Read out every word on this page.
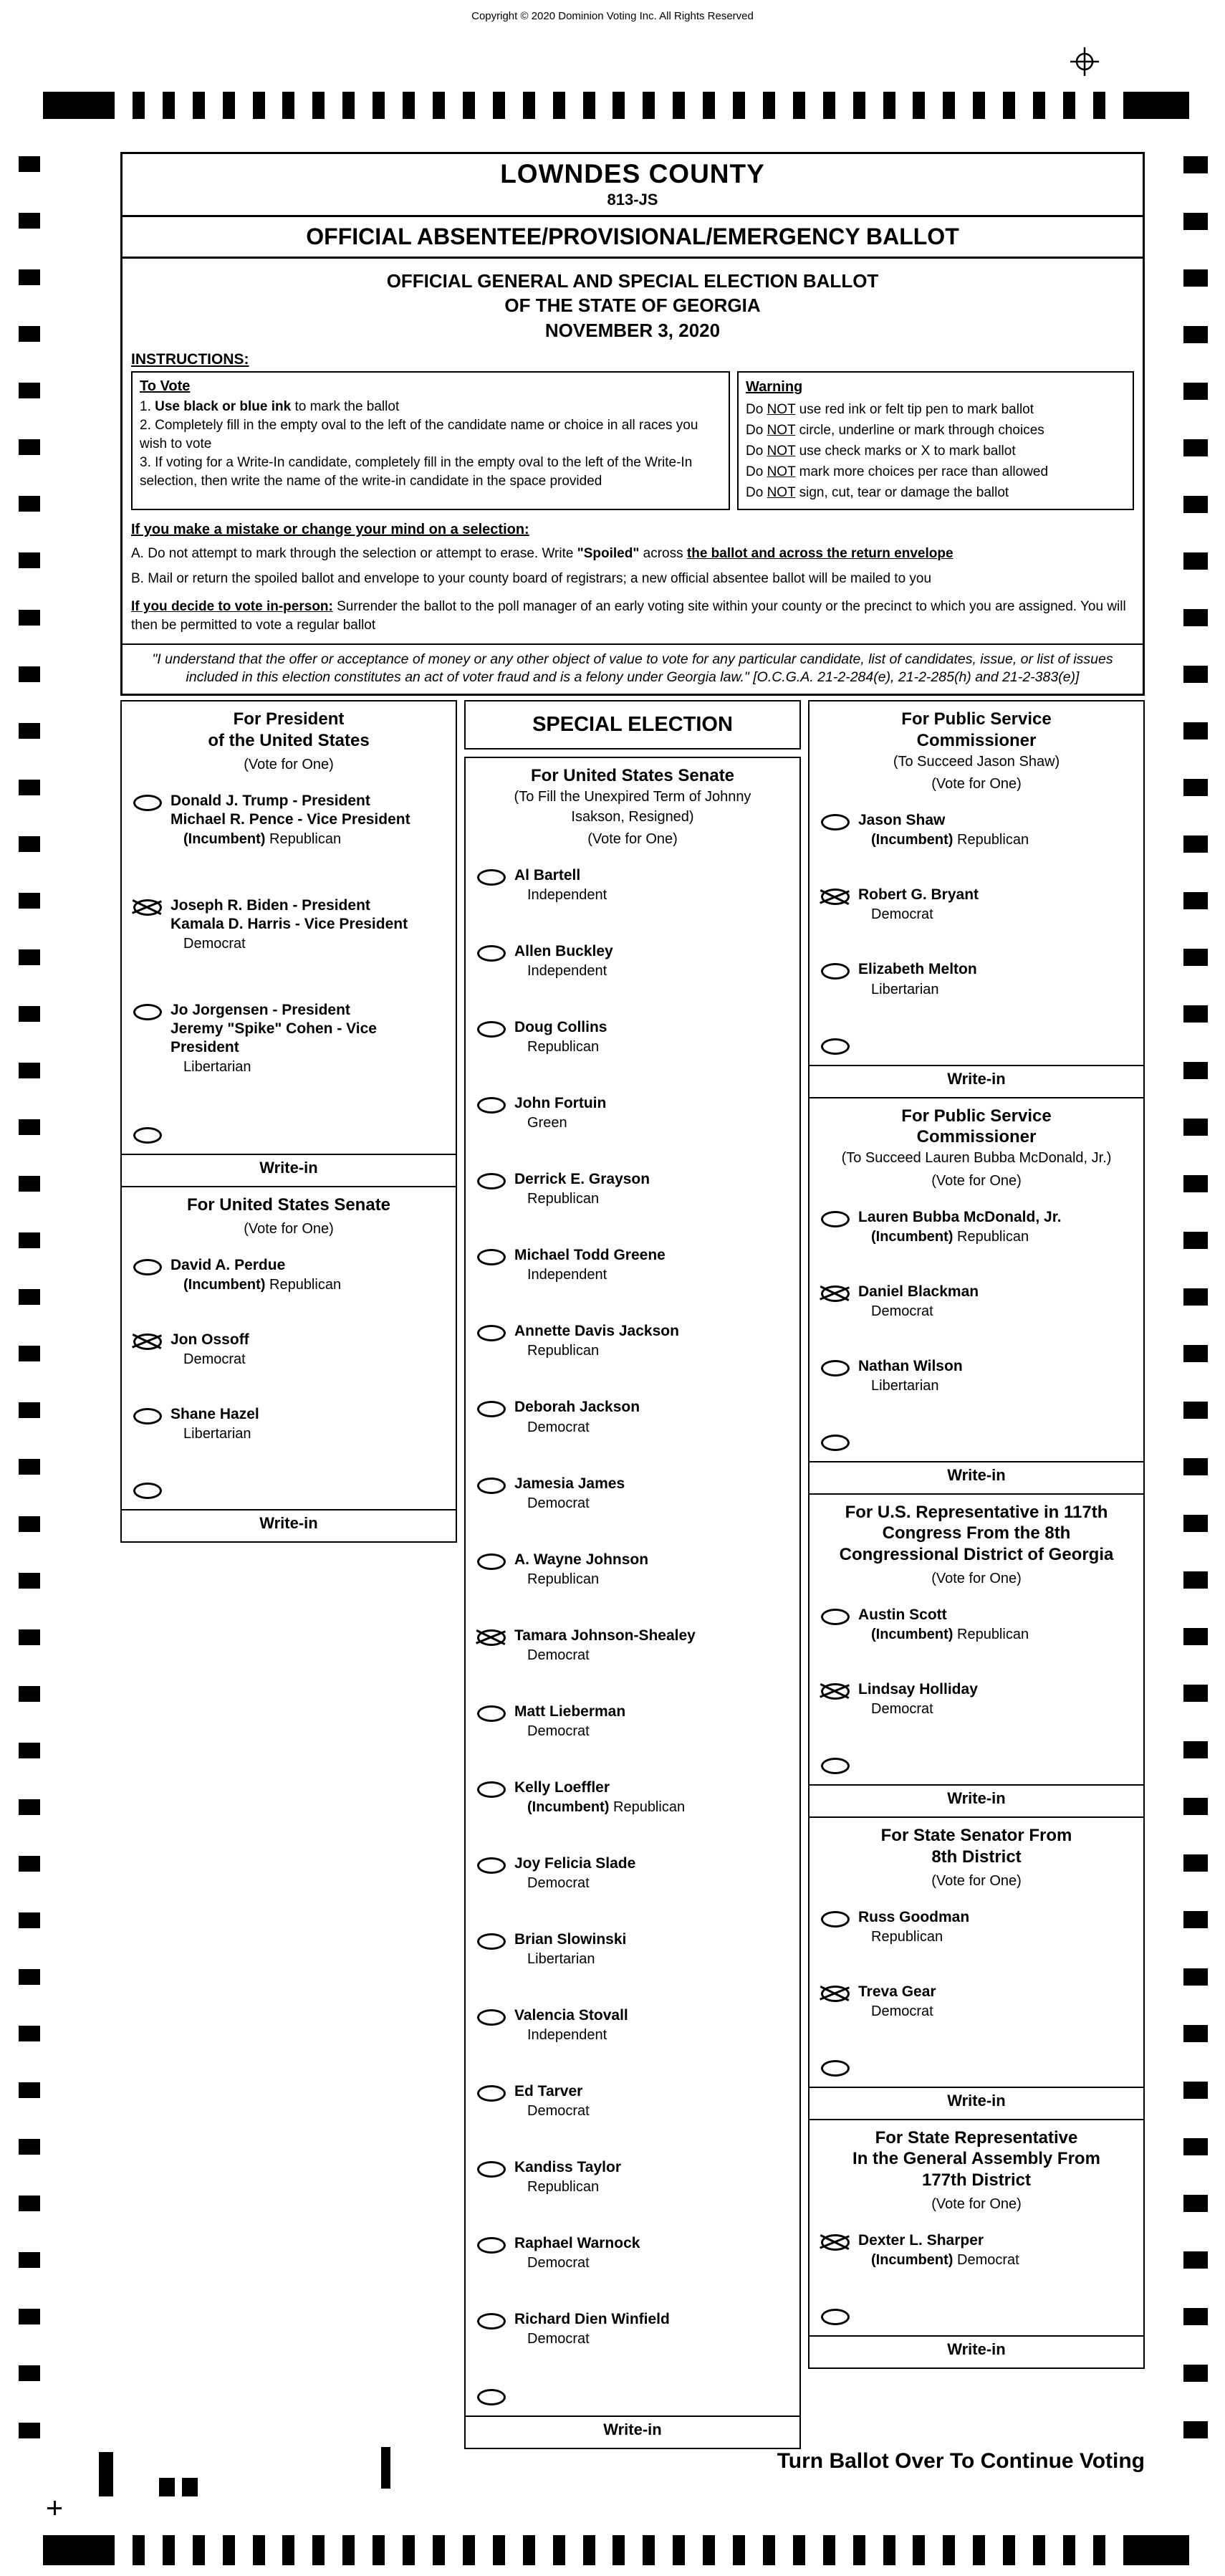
Copyright © 2020 Dominion Voting Inc. All Rights Reserved
LOWNDES COUNTY
813-JS
OFFICIAL ABSENTEE/PROVISIONAL/EMERGENCY BALLOT
OFFICIAL GENERAL AND SPECIAL ELECTION BALLOT
OF THE STATE OF GEORGIA
NOVEMBER 3, 2020
INSTRUCTIONS:
To Vote
1. Use black or blue ink to mark the ballot
2. Completely fill in the empty oval to the left of the candidate name or choice in all races you wish to vote
3. If voting for a Write-In candidate, completely fill in the empty oval to the left of the Write-In selection, then write the name of the write-in candidate in the space provided
Warning
Do NOT use red ink or felt tip pen to mark ballot
Do NOT circle, underline or mark through choices
Do NOT use check marks or X to mark ballot
Do NOT mark more choices per race than allowed
Do NOT sign, cut, tear or damage the ballot
If you make a mistake or change your mind on a selection:
A. Do not attempt to mark through the selection or attempt to erase. Write "Spoiled" across the ballot and across the return envelope
B. Mail or return the spoiled ballot and envelope to your county board of registrars; a new official absentee ballot will be mailed to you

If you decide to vote in-person: Surrender the ballot to the poll manager of an early voting site within your county or the precinct to which you are assigned. You will then be permitted to vote a regular ballot

"I understand that the offer or acceptance of money or any other object of value to vote for any particular candidate, list of candidates, issue, or list of issues included in this election constitutes an act of voter fraud and is a felony under Georgia law." [O.C.G.A. 21-2-284(e), 21-2-285(h) and 21-2-383(e)]
For President
of the United States
(Vote for One)
Donald J. Trump - President
Michael R. Pence - Vice President
(Incumbent) Republican
Joseph R. Biden - President
Kamala D. Harris - Vice President
Democrat
Jo Jorgensen - President
Jeremy "Spike" Cohen - Vice President
Libertarian
Write-in
For United States Senate
(Vote for One)
David A. Perdue
(Incumbent) Republican
Jon Ossoff
Democrat
Shane Hazel
Libertarian
Write-in
SPECIAL ELECTION
For United States Senate
(To Fill the Unexpired Term of Johnny
Isakson, Resigned)
(Vote for One)
Al Bartell
Independent
Allen Buckley
Independent
Doug Collins
Republican
John Fortuin
Green
Derrick E. Grayson
Republican
Michael Todd Greene
Independent
Annette Davis Jackson
Republican
Deborah Jackson
Democrat
Jamesia James
Democrat
A. Wayne Johnson
Republican
Tamara Johnson-Shealey
Democrat
Matt Lieberman
Democrat
Kelly Loeffler
(Incumbent) Republican
Joy Felicia Slade
Democrat
Brian Slowinski
Libertarian
Valencia Stovall
Independent
Ed Tarver
Democrat
Kandiss Taylor
Republican
Raphael Warnock
Democrat
Richard Dien Winfield
Democrat
Write-in
For Public Service
Commissioner
(To Succeed Jason Shaw)
(Vote for One)
Jason Shaw
(Incumbent) Republican
Robert G. Bryant
Democrat
Elizabeth Melton
Libertarian
Write-in
For Public Service
Commissioner
(To Succeed Lauren Bubba McDonald, Jr.)
(Vote for One)
Lauren Bubba McDonald, Jr.
(Incumbent) Republican
Daniel Blackman
Democrat
Nathan Wilson
Libertarian
Write-in
For U.S. Representative in 117th
Congress From the 8th
Congressional District of Georgia
(Vote for One)
Austin Scott
(Incumbent) Republican
Lindsay Holliday
Democrat
Write-in
For State Senator From
8th District
(Vote for One)
Russ Goodman
Republican
Treva Gear
Democrat
Write-in
For State Representative
In the General Assembly From
177th District
(Vote for One)
Dexter L. Sharper
(Incumbent) Democrat
Write-in
Turn Ballot Over To Continue Voting
